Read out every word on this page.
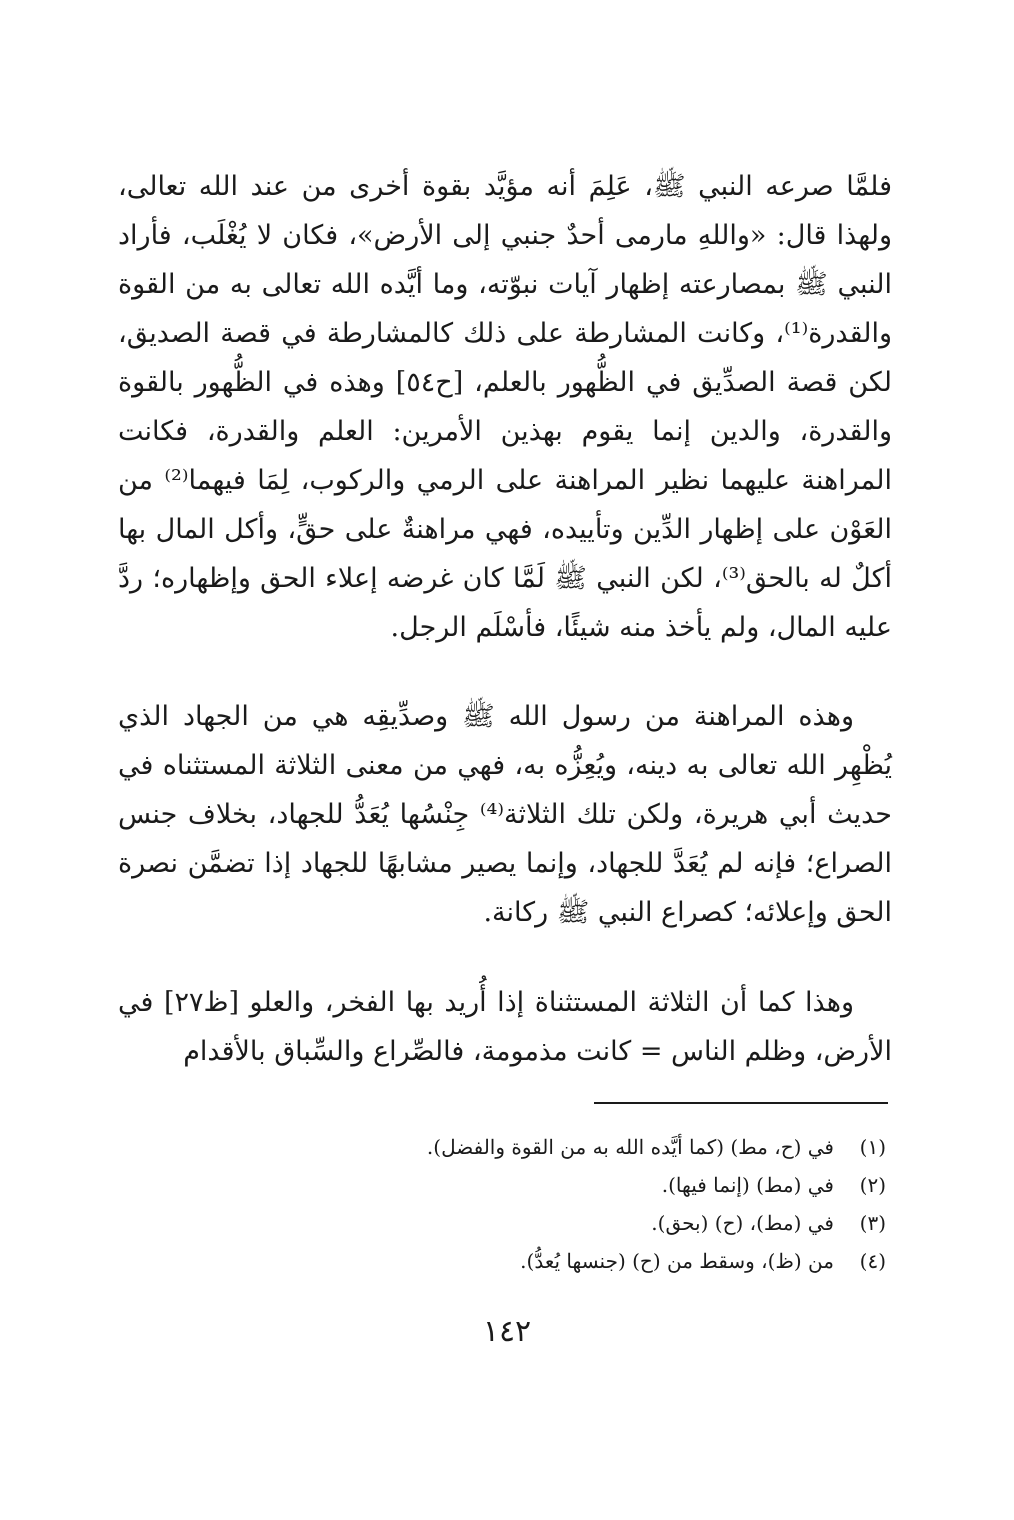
فلمَّا صرعه النبي ﷺ، عَلِمَ أنه مؤيَّد بقوة أخرى من عند الله تعالى، ولهذا قال: «واللهِ مارمى أحدٌ جنبي إلى الأرض»، فكان لا يُغْلَب، فأراد النبي ﷺ بمصارعته إظهار آيات نبوّته، وما أيَّده الله تعالى به من القوة والقدرة⁽¹⁾، وكانت المشارطة على ذلك كالمشارطة في قصة الصديق، لكن قصة الصدِّيق في الظُّهور بالعلم، [ح٥٤] وهذه في الظُّهور بالقوة والقدرة، والدين إنما يقوم بهذين الأمرين: العلم والقدرة، فكانت المراهنة عليهما نظير المراهنة على الرمي والركوب، لِمَا فيهما⁽²⁾ من العَوْن على إظهار الدِّين وتأييده، فهي مراهنةٌ على حقٍّ، وأكل المال بها أكلٌ له بالحق⁽³⁾، لكن النبي ﷺ لَمَّا كان غرضه إعلاء الحق وإظهاره؛ ردَّ عليه المال، ولم يأخذ منه شيئًا، فأسْلَم الرجل.

وهذه المراهنة من رسول الله ﷺ وصدِّيقِه هي من الجهاد الذي يُظْهِر الله تعالى به دينه، ويُعِزُّه به، فهي من معنى الثلاثة المستثناه في حديث أبي هريرة، ولكن تلك الثلاثة⁽⁴⁾ جِنْسُها يُعَدُّ للجهاد، بخلاف جنس الصراع؛ فإنه لم يُعَدَّ للجهاد، وإنما يصير مشابهًا للجهاد إذا تضمَّن نصرة الحق وإعلائه؛ كصراع النبي ﷺ ركانة.

وهذا كما أن الثلاثة المستثناة إذا أُريد بها الفخر، والعلو [ظ٢٧] في الأرض، وظلم الناس = كانت مذمومة، فالصِّراع والسِّباق بالأقدام

(١)في (ح، مط) (كما أيَّده الله به من القوة والفضل).
(٢)في (مط) (إنما فيها).
(٣)في (مط)، (ح) (بحق).
(٤)من (ظ)، وسقط من (ح) (جنسها يُعدُّ).
١٤٢
